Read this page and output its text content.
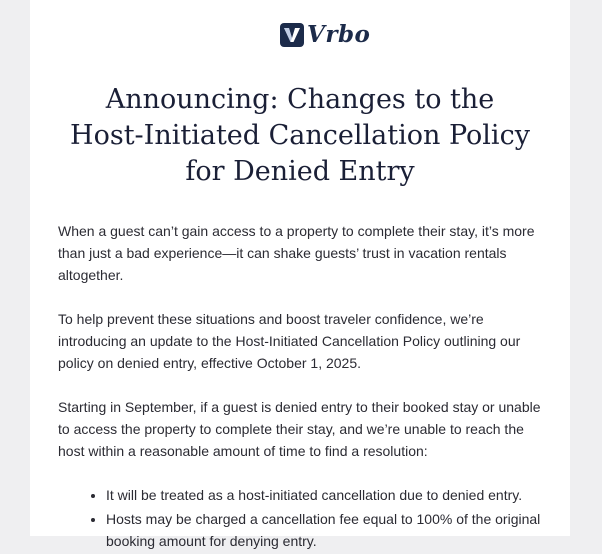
Vrbo
Announcing: Changes to the Host-Initiated Cancellation Policy for Denied Entry

When a guest can’t gain access to a property to complete their stay, it’s more than just a bad experience—it can shake guests’ trust in vacation rentals altogether.

To help prevent these situations and boost traveler confidence, we’re introducing an update to the Host-Initiated Cancellation Policy outlining our policy on denied entry, effective October 1, 2025.

Starting in September, if a guest is denied entry to their booked stay or unable to access the property to complete their stay, and we’re unable to reach the host within a reasonable amount of time to find a resolution:

• It will be treated as a host-initiated cancellation due to denied entry.
• Hosts may be charged a cancellation fee equal to 100% of the original booking amount for denying entry.
